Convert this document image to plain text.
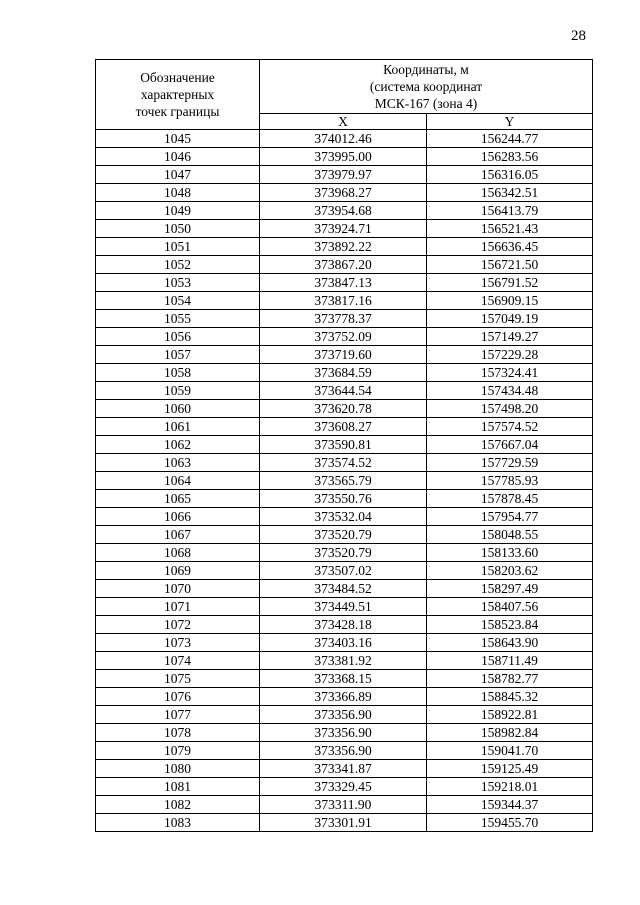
28
Обозначение
характерных
точек границы	Координаты, м
(система координат
МСК-167 (зона 4)	

	X	Y
1045	374012.46	156244.77
1046	373995.00	156283.56
1047	373979.97	156316.05
1048	373968.27	156342.51
1049	373954.68	156413.79
1050	373924.71	156521.43
1051	373892.22	156636.45
1052	373867.20	156721.50
1053	373847.13	156791.52
1054	373817.16	156909.15
1055	373778.37	157049.19
1056	373752.09	157149.27
1057	373719.60	157229.28
1058	373684.59	157324.41
1059	373644.54	157434.48
1060	373620.78	157498.20
1061	373608.27	157574.52
1062	373590.81	157667.04
1063	373574.52	157729.59
1064	373565.79	157785.93
1065	373550.76	157878.45
1066	373532.04	157954.77
1067	373520.79	158048.55
1068	373520.79	158133.60
1069	373507.02	158203.62
1070	373484.52	158297.49
1071	373449.51	158407.56
1072	373428.18	158523.84
1073	373403.16	158643.90
1074	373381.92	158711.49
1075	373368.15	158782.77
1076	373366.89	158845.32
1077	373356.90	158922.81
1078	373356.90	158982.84
1079	373356.90	159041.70
1080	373341.87	159125.49
1081	373329.45	159218.01
1082	373311.90	159344.37
1083	373301.91	159455.70
